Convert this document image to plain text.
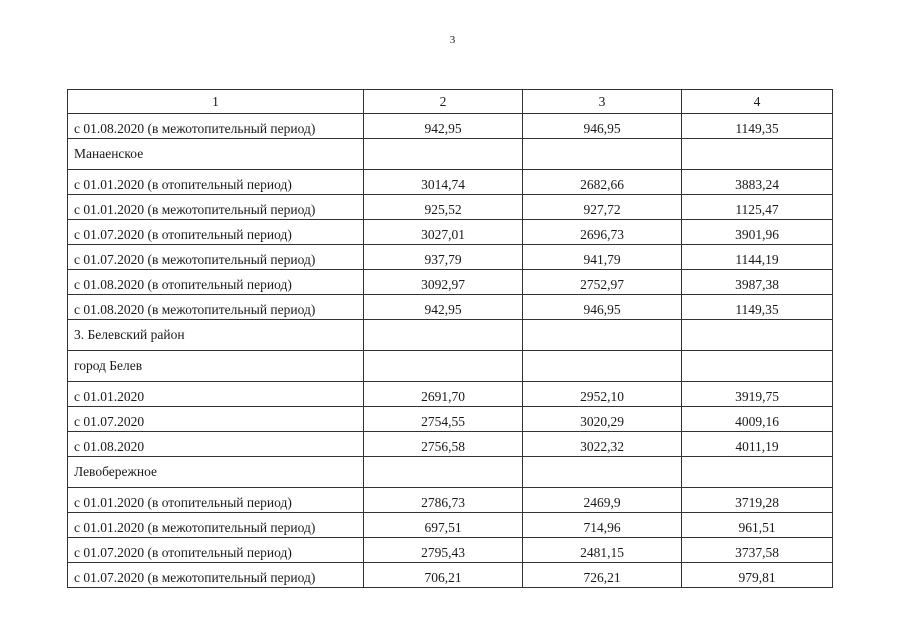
3
1	2	3	4
с 01.08.2020 (в межотопительный период)	942,95	946,95	1149,35
Манаенское			
с 01.01.2020 (в отопительный период)	3014,74	2682,66	3883,24
с 01.01.2020 (в межотопительный период)	925,52	927,72	1125,47
с 01.07.2020 (в отопительный период)	3027,01	2696,73	3901,96
с 01.07.2020 (в межотопительный период)	937,79	941,79	1144,19
с 01.08.2020 (в отопительный период)	3092,97	2752,97	3987,38
с 01.08.2020 (в межотопительный период)	942,95	946,95	1149,35
3. Белевский район			
город Белев			
с 01.01.2020	2691,70	2952,10	3919,75
с 01.07.2020	2754,55	3020,29	4009,16
с 01.08.2020	2756,58	3022,32	4011,19
Левобережное			
с 01.01.2020 (в отопительный период)	2786,73	2469,9	3719,28
с 01.01.2020 (в межотопительный период)	697,51	714,96	961,51
с 01.07.2020 (в отопительный период)	2795,43	2481,15	3737,58
с 01.07.2020 (в межотопительный период)	706,21	726,21	979,81
